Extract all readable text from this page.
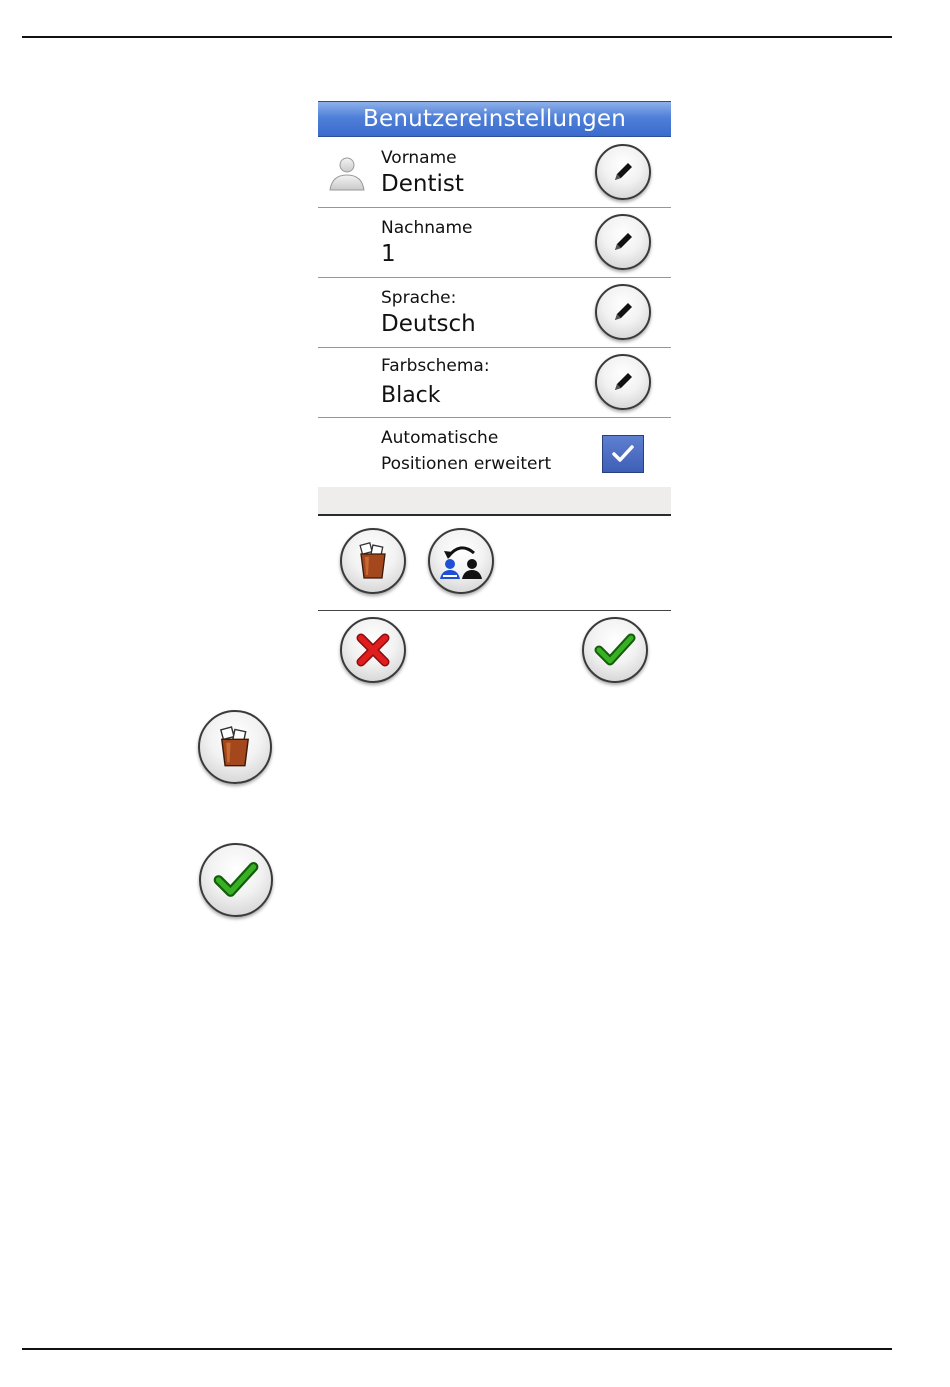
Benutzereinstellungen
Vorname
Dentist
Nachname
1
Sprache:
Deutsch
Farbschema:
Black
Automatische
Positionen erweitert
